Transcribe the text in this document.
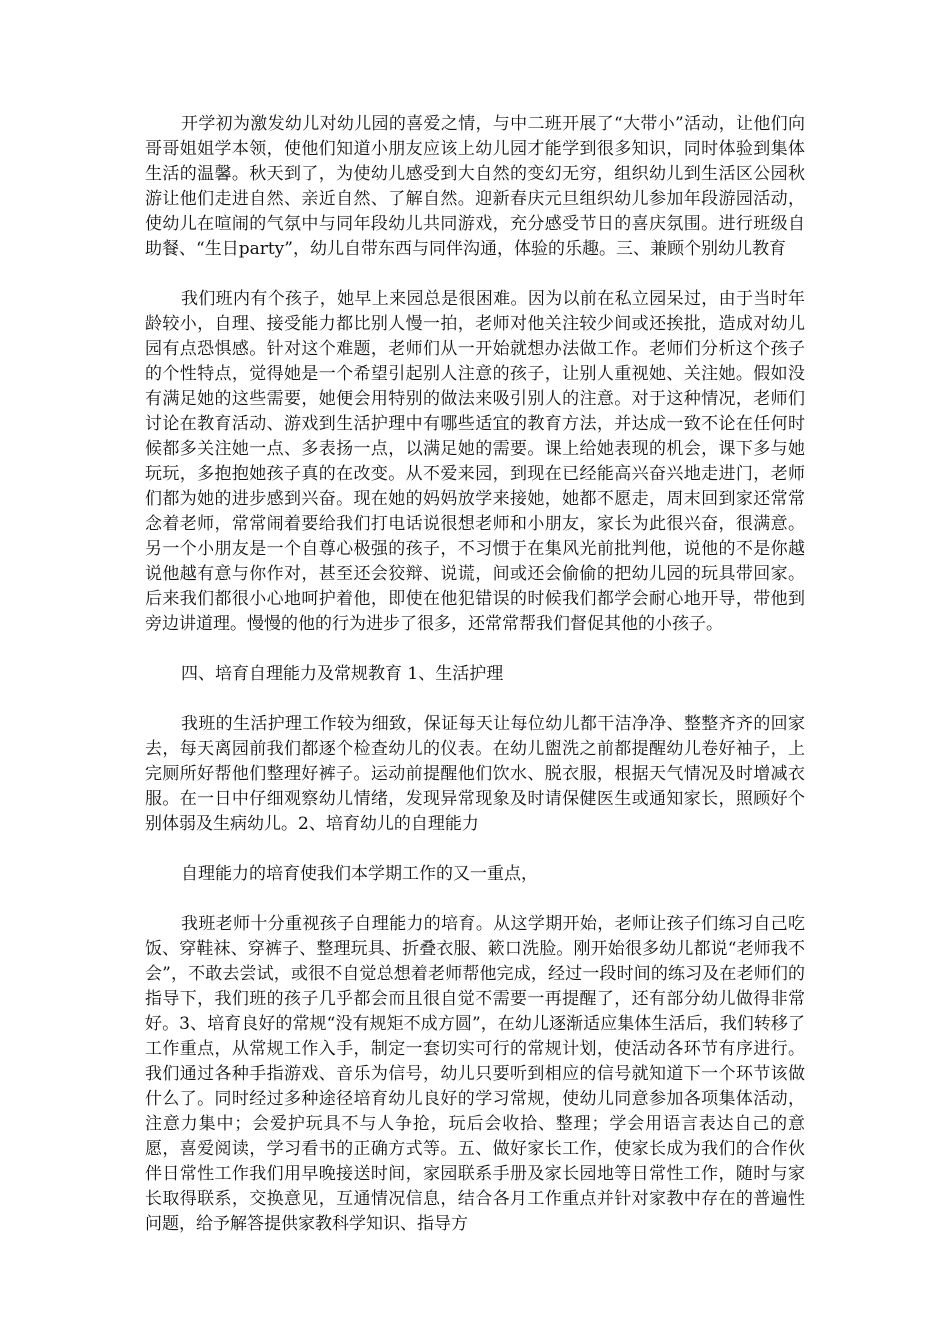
开学初为激发幼儿对幼儿园的喜爱之情，与中二班开展了“大带小”活动，让他们向哥哥姐姐学本领，使他们知道小朋友应该上幼儿园才能学到很多知识，同时体验到集体生活的温馨。秋天到了，为使幼儿感受到大自然的变幻无穷，组织幼儿到生活区公园秋游让他们走进自然、亲近自然、了解自然。迎新春庆元旦组织幼儿参加年段游园活动，使幼儿在喧闹的气氛中与同年段幼儿共同游戏，充分感受节日的喜庆氛围。进行班级自助餐、“生日party”，幼儿自带东西与同伴沟通，体验的乐趣。三、兼顾个别幼儿教育

我们班内有个孩子，她早上来园总是很困难。因为以前在私立园呆过，由于当时年龄较小，自理、接受能力都比别人慢一拍，老师对他关注较少间或还挨批，造成对幼儿园有点恐惧感。针对这个难题，老师们从一开始就想办法做工作。老师们分析这个孩子的个性特点，觉得她是一个希望引起别人注意的孩子，让别人重视她、关注她。假如没有满足她的这些需要，她便会用特别的做法来吸引别人的注意。对于这种情况，老师们讨论在教育活动、游戏到生活护理中有哪些适宜的教育方法，并达成一致不论在任何时候都多关注她一点、多表扬一点，以满足她的需要。课上给她表现的机会，课下多与她玩玩，多抱抱她孩子真的在改变。从不爱来园，到现在已经能高兴奋兴地走进门，老师们都为她的进步感到兴奋。现在她的妈妈放学来接她，她都不愿走，周末回到家还常常念着老师，常常闹着要给我们打电话说很想老师和小朋友，家长为此很兴奋，很满意。另一个小朋友是一个自尊心极强的孩子，不习惯于在集风光前批判他，说他的不是你越说他越有意与你作对，甚至还会狡辩、说谎，间或还会偷偷的把幼儿园的玩具带回家。后来我们都很小心地呵护着他，即使在他犯错误的时候我们都学会耐心地开导，带他到旁边讲道理。慢慢的他的行为进步了很多，还常常帮我们督促其他的小孩子。

四、培育自理能力及常规教育 1、生活护理

我班的生活护理工作较为细致，保证每天让每位幼儿都干洁净净、整整齐齐的回家去，每天离园前我们都逐个检查幼儿的仪表。在幼儿盥洗之前都提醒幼儿卷好袖子，上完厕所好帮他们整理好裤子。运动前提醒他们饮水、脱衣服，根据天气情况及时增减衣服。在一日中仔细观察幼儿情绪，发现异常现象及时请保健医生或通知家长，照顾好个别体弱及生病幼儿。2、培育幼儿的自理能力

自理能力的培育使我们本学期工作的又一重点，

我班老师十分重视孩子自理能力的培育。从这学期开始，老师让孩子们练习自己吃饭、穿鞋袜、穿裤子、整理玩具、折叠衣服、簌口洗脸。刚开始很多幼儿都说“老师我不会”，不敢去尝试，或很不自觉总想着老师帮他完成，经过一段时间的练习及在老师们的指导下，我们班的孩子几乎都会而且很自觉不需要一再提醒了，还有部分幼儿做得非常好。3、培育良好的常规“没有规矩不成方圆”，在幼儿逐渐适应集体生活后，我们转移了工作重点，从常规工作入手，制定一套切实可行的常规计划，使活动各环节有序进行。我们通过各种手指游戏、音乐为信号，幼儿只要听到相应的信号就知道下一个环节该做什么了。同时经过多种途径培育幼儿良好的学习常规，使幼儿同意参加各项集体活动，注意力集中；会爱护玩具不与人争抢，玩后会收拾、整理；学会用语言表达自己的意愿，喜爱阅读，学习看书的正确方式等。五、做好家长工作，使家长成为我们的合作伙伴日常性工作我们用早晚接送时间，家园联系手册及家长园地等日常性工作，随时与家长取得联系，交换意见，互通情况信息，结合各月工作重点并针对家教中存在的普遍性问题，给予解答提供家教科学知识、指导方
